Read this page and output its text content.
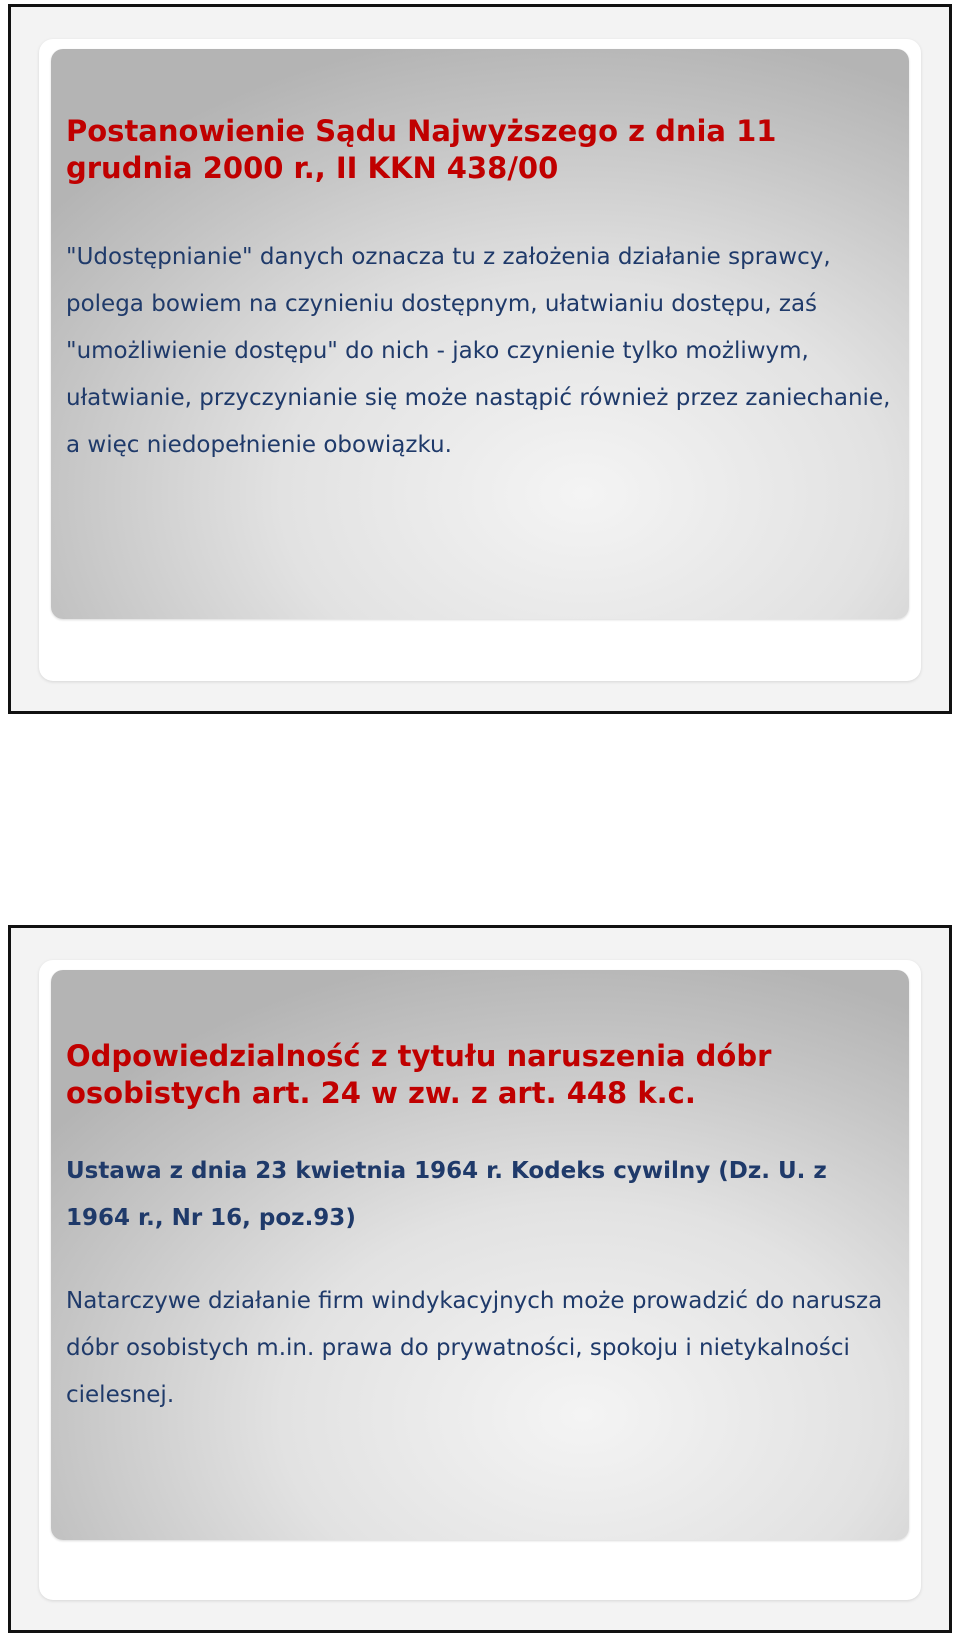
Postanowienie Sądu Najwyższego z dnia 11 grudnia 2000 r., II KKN 438/00

"Udostępnianie" danych oznacza tu z założenia działanie sprawcy, polega bowiem na czynieniu dostępnym, ułatwianiu dostępu, zaś "umożliwienie dostępu" do nich - jako czynienie tylko możliwym, ułatwianie, przyczynianie się może nastąpić również przez zaniechanie, a więc niedopełnienie obowiązku.

Odpowiedzialność z tytułu naruszenia dóbr osobistych art. 24 w zw. z art. 448 k.c.

Ustawa z dnia 23 kwietnia 1964 r. Kodeks cywilny (Dz. U. z 1964 r., Nr 16, poz.93)

Natarczywe działanie firm windykacyjnych może prowadzić do narusza dóbr osobistych m.in. prawa do prywatności, spokoju i nietykalności cielesnej.
